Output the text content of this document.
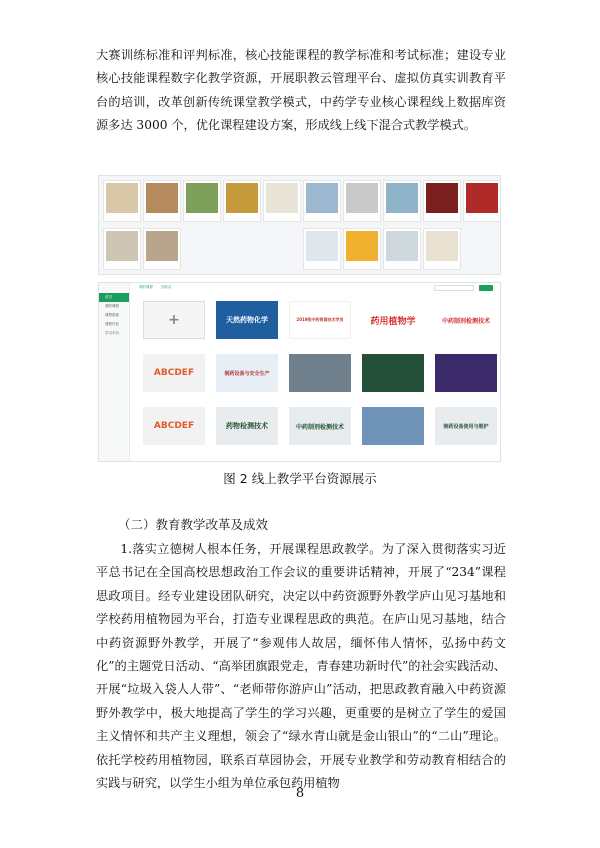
大赛训练标准和评判标准，核心技能课程的教学标准和考试标准；建设专业核心技能课程数字化教学资源，开展职教云管理平台、虚拟仿真实训教育平台的培训，改革创新传统课堂教学模式，中药学专业核心课程线上数据库资源多达 3000 个，优化课程建设方案，形成线上线下混合式教学模式。

首页
我的课程
课程资源
课程作业
学习平台
我的课程 回收站
+	天然药物化学	2019级中药资源技术学员	药用植物学	中药制剂检测技术
ABCDEF	制药设备与安全生产
ABCDEF	药物检测技术	中药制剂检测技术	制药设备使用与维护
图 2 线上教学平台资源展示
（二）教育教学改革及成效

1.落实立德树人根本任务，开展课程思政教学。为了深入贯彻落实习近平总书记在全国高校思想政治工作会议的重要讲话精神，开展了“234”课程思政项目。经专业建设团队研究，决定以中药资源野外教学庐山见习基地和学校药用植物园为平台，打造专业课程思政的典范。在庐山见习基地，结合中药资源野外教学，开展了“参观伟人故居，缅怀伟人情怀，弘扬中药文化”的主题党日活动、“高举团旗跟党走，青春建功新时代”的社会实践活动、开展“垃圾入袋人人带”、“老师带你游庐山”活动，把思政教育融入中药资源野外教学中，极大地提高了学生的学习兴趣，更重要的是树立了学生的爱国主义情怀和共产主义理想，领会了“绿水青山就是金山银山”的“二山”理论。依托学校药用植物园，联系百草园协会，开展专业教学和劳动教育相结合的实践与研究，以学生小组为单位承包药用植物

8
